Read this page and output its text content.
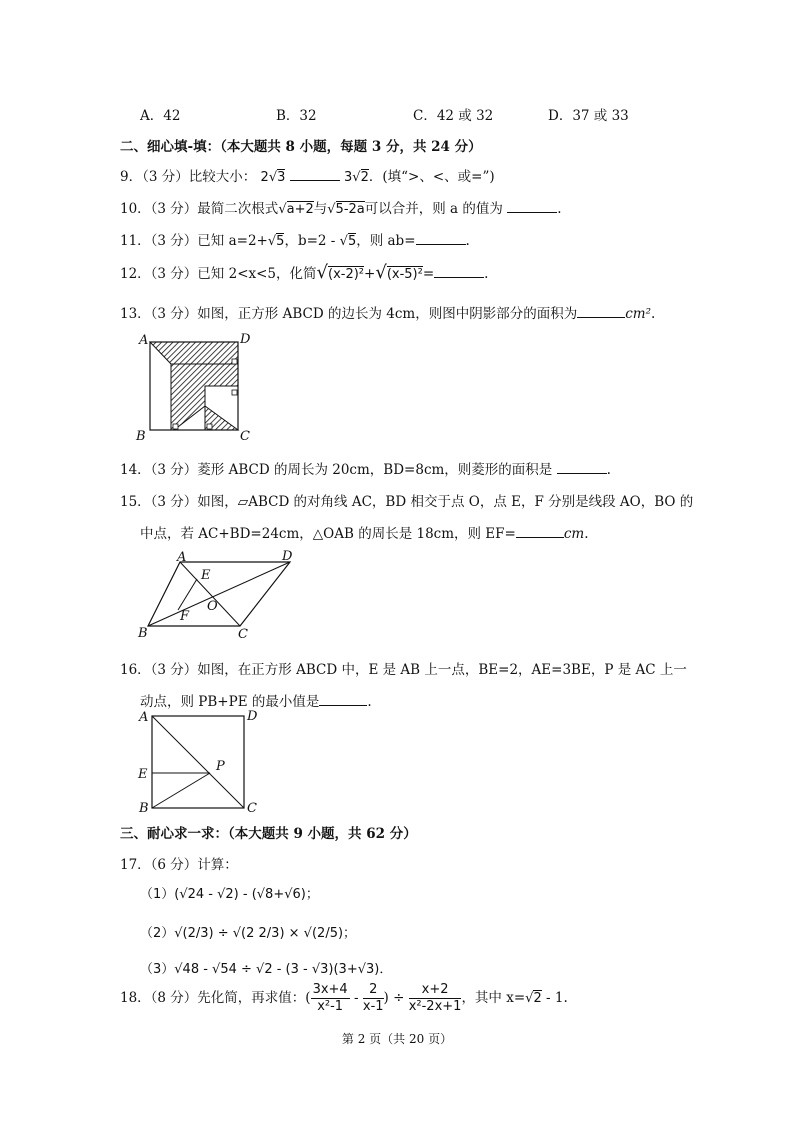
A．42	B．32	C．42 或 32	D．37 或 33
二、细心填-填：（本大题共 8 小题，每题 3 分，共 24 分）
9．（3 分）比较大小： 2√3	3√2．(填“>、<、或=”)
10．（3 分）最简二次根式√a+2与√5-2a可以合并，则 a 的值为	.
11．（3 分）已知 a=2+√5，b=2 - √5，则 ab=	.
12．（3 分）已知 2<x<5，化简√(x-2)²+√(x-5)²=	.
13．（3 分）如图，正方形 ABCD 的边长为 4cm，则图中阴影部分的面积为	cm².
A	D
B	C
14．（3 分）菱形 ABCD 的周长为 20cm，BD=8cm，则菱形的面积是	.
15．（3 分）如图，▱ABCD 的对角线 AC，BD 相交于点 O，点 E，F 分别是线段 AO，BO 的
中点，若 AC+BD=24cm，△OAB 的周长是 18cm，则 EF=	cm.
A	D
B	C
E
F
O
16．（3 分）如图，在正方形 ABCD 中，E 是 AB 上一点，BE=2，AE=3BE，P 是 AC 上一
动点，则 PB+PE 的最小值是	.
A	D
E
P
B	C
三、耐心求一求：（本大题共 9 小题，共 62 分）
17．（6 分）计算：
（1）(√24 - √2) - (√8+√6)；
（2）√(2/3) ÷ √(2 2/3) × √(2/5)；
（3）√48 - √54 ÷ √2 - (3 - √3)(3+√3)．
18．（8 分）先化简，再求值：( $\frac{3x+4}{\text{x²-1}} - \frac{2}{x-1}$ ) ÷ $\frac{x+2}{\text{x²-2x+1}}$ ，其中 x=√2 - 1.
第 2 页（共 20 页）
